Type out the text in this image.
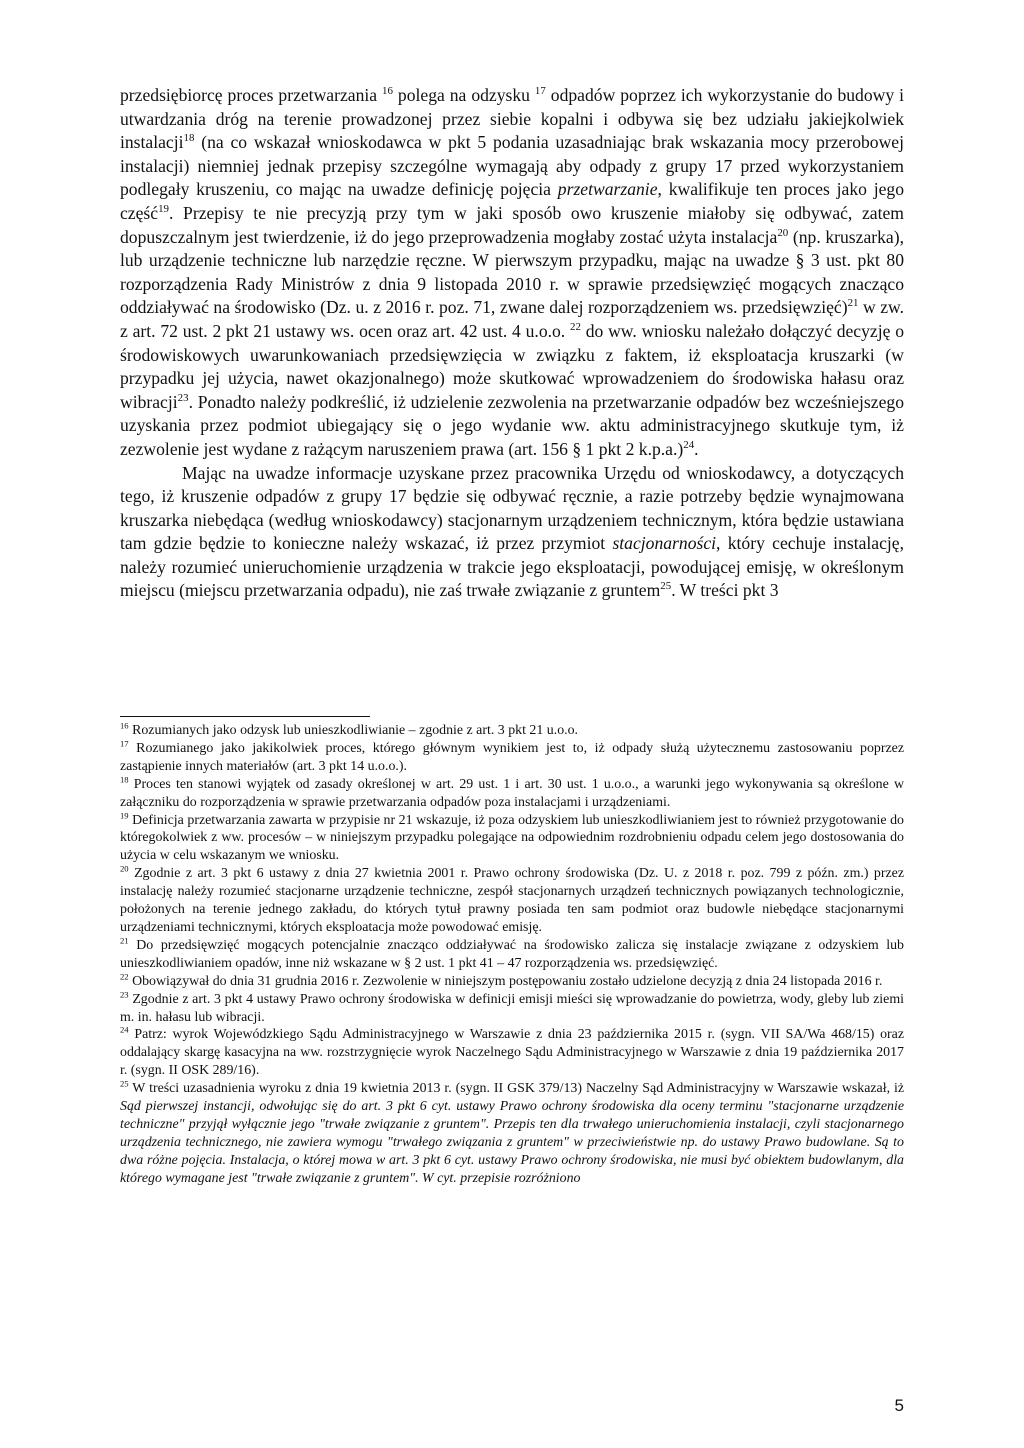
przedsiębiorcę proces przetwarzania $^{16}$ polega na odzysku $^{17}$ odpadów poprzez ich wykorzystanie do budowy i utwardzania dróg na terenie prowadzonej przez siebie kopalni i odbywa się bez udziału jakiejkolwiek instalacji$^{18}$ (na co wskazał wnioskodawca w pkt 5 podania uzasadniając brak wskazania mocy przerobowej instalacji) niemniej jednak przepisy szczególne wymagają aby odpady z grupy 17 przed wykorzystaniem podlegały kruszeniu, co mając na uwadze definicję pojęcia przetwarzanie, kwalifikuje ten proces jako jego część$^{19}$. Przepisy te nie precyzją przy tym w jaki sposób owo kruszenie miałoby się odbywać, zatem dopuszczalnym jest twierdzenie, iż do jego przeprowadzenia mogłaby zostać użyta instalacja$^{20}$ (np. kruszarka), lub urządzenie techniczne lub narzędzie ręczne. W pierwszym przypadku, mając na uwadze § 3 ust. pkt 80 rozporządzenia Rady Ministrów z dnia 9 listopada 2010 r. w sprawie przedsięwzięć mogących znacząco oddziaływać na środowisko (Dz. u. z 2016 r. poz. 71, zwane dalej rozporządzeniem ws. przedsięwzięć)$^{21}$ w zw. z art. 72 ust. 2 pkt 21 ustawy ws. ocen oraz art. 42 ust. 4 u.o.o. $^{22}$ do ww. wniosku należało dołączyć decyzję o środowiskowych uwarunkowaniach przedsięwzięcia w związku z faktem, iż eksploatacja kruszarki (w przypadku jej użycia, nawet okazjonalnego) może skutkować wprowadzeniem do środowiska hałasu oraz wibracji$^{23}$. Ponadto należy podkreślić, iż udzielenie zezwolenia na przetwarzanie odpadów bez wcześniejszego uzyskania przez podmiot ubiegający się o jego wydanie ww. aktu administracyjnego skutkuje tym, iż zezwolenie jest wydane z rażącym naruszeniem prawa (art. 156 § 1 pkt 2 k.p.a.)$^{24}$.

Mając na uwadze informacje uzyskane przez pracownika Urzędu od wnioskodawcy, a dotyczących tego, iż kruszenie odpadów z grupy 17 będzie się odbywać ręcznie, a razie potrzeby będzie wynajmowana kruszarka niebędąca (według wnioskodawcy) stacjonarnym urządzeniem technicznym, która będzie ustawiana tam gdzie będzie to konieczne należy wskazać, iż przez przymiot stacjonarności, który cechuje instalację, należy rozumieć unieruchomienie urządzenia w trakcie jego eksploatacji, powodującej emisję, w określonym miejscu (miejscu przetwarzania odpadu), nie zaś trwałe związanie z gruntem$^{25}$. W treści pkt 3

$^{16}$ Rozumianych jako odzysk lub unieszkodliwianie – zgodnie z art. 3 pkt 21 u.o.o.

$^{17}$ Rozumianego jako jakikolwiek proces, którego głównym wynikiem jest to, iż odpady służą użytecznemu zastosowaniu poprzez zastąpienie innych materiałów (art. 3 pkt 14 u.o.o.).

$^{18}$ Proces ten stanowi wyjątek od zasady określonej w art. 29 ust. 1 i art. 30 ust. 1 u.o.o., a warunki jego wykonywania są określone w załączniku do rozporządzenia w sprawie przetwarzania odpadów poza instalacjami i urządzeniami.

$^{19}$ Definicja przetwarzania zawarta w przypisie nr 21 wskazuje, iż poza odzyskiem lub unieszkodliwianiem jest to również przygotowanie do któregokolwiek z ww. procesów – w niniejszym przypadku polegające na odpowiednim rozdrobnieniu odpadu celem jego dostosowania do użycia w celu wskazanym we wniosku.

$^{20}$ Zgodnie z art. 3 pkt 6 ustawy z dnia 27 kwietnia 2001 r. Prawo ochrony środowiska (Dz. U. z 2018 r. poz. 799 z późn. zm.) przez instalację należy rozumieć stacjonarne urządzenie techniczne, zespół stacjonarnych urządzeń technicznych powiązanych technologicznie, położonych na terenie jednego zakładu, do których tytuł prawny posiada ten sam podmiot oraz budowle niebędące stacjonarnymi urządzeniami technicznymi, których eksploatacja może powodować emisję.

$^{21}$ Do przedsięwzięć mogących potencjalnie znacząco oddziaływać na środowisko zalicza się instalacje związane z odzyskiem lub unieszkodliwianiem opadów, inne niż wskazane w § 2 ust. 1 pkt 41 – 47 rozporządzenia ws. przedsięwzięć.

$^{22}$ Obowiązywał do dnia 31 grudnia 2016 r. Zezwolenie w niniejszym postępowaniu zostało udzielone decyzją z dnia 24 listopada 2016 r.

$^{23}$ Zgodnie z art. 3 pkt 4 ustawy Prawo ochrony środowiska w definicji emisji mieści się wprowadzanie do powietrza, wody, gleby lub ziemi m. in. hałasu lub wibracji.

$^{24}$ Patrz: wyrok Wojewódzkiego Sądu Administracyjnego w Warszawie z dnia 23 października 2015 r. (sygn. VII SA/Wa 468/15) oraz oddalający skargę kasacyjna na ww. rozstrzygnięcie wyrok Naczelnego Sądu Administracyjnego w Warszawie z dnia 19 października 2017 r. (sygn. II OSK 289/16).

$^{25}$ W treści uzasadnienia wyroku z dnia 19 kwietnia 2013 r. (sygn. II GSK 379/13) Naczelny Sąd Administracyjny w Warszawie wskazał, iż Sąd pierwszej instancji, odwołując się do art. 3 pkt 6 cyt. ustawy Prawo ochrony środowiska dla oceny terminu "stacjonarne urządzenie techniczne" przyjął wyłącznie jego "trwałe związanie z gruntem". Przepis ten dla trwałego unieruchomienia instalacji, czyli stacjonarnego urządzenia technicznego, nie zawiera wymogu "trwałego związania z gruntem" w przeciwieństwie np. do ustawy Prawo budowlane. Są to dwa różne pojęcia. Instalacja, o której mowa w art. 3 pkt 6 cyt. ustawy Prawo ochrony środowiska, nie musi być obiektem budowlanym, dla którego wymagane jest "trwałe związanie z gruntem". W cyt. przepisie rozróżniono

5
